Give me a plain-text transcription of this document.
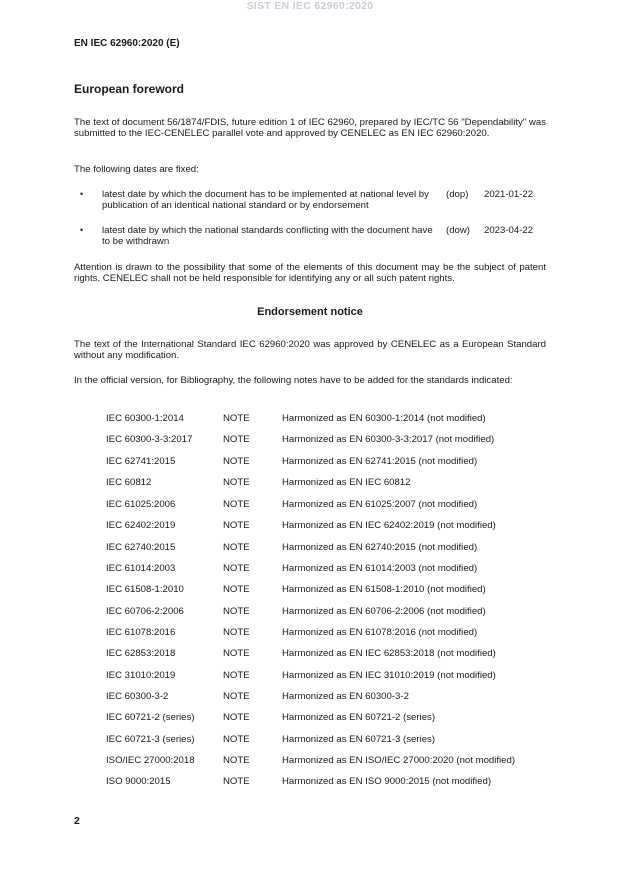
SIST EN IEC 62960:2020
EN IEC 62960:2020 (E)
European foreword
The text of document 56/1874/FDIS, future edition 1 of IEC 62960, prepared by IEC/TC 56 "Dependability" was submitted to the IEC-CENELEC parallel vote and approved by CENELEC as EN IEC 62960:2020.
The following dates are fixed:
• latest date by which the document has to be implemented at national level by publication of an identical national standard or by endorsement
(dop) 2021-01-22
• latest date by which the national standards conflicting with the document have to be withdrawn
(dow) 2023-04-22
Attention is drawn to the possibility that some of the elements of this document may be the subject of patent rights. CENELEC shall not be held responsible for identifying any or all such patent rights.
Endorsement notice
The text of the International Standard IEC 62960:2020 was approved by CENELEC as a European Standard without any modification.
In the official version, for Bibliography, the following notes have to be added for the standards indicated:
IEC 60300-1:2014	NOTE	Harmonized as EN 60300-1:2014 (not modified)
IEC 60300-3-3:2017	NOTE	Harmonized as EN 60300-3-3:2017 (not modified)
IEC 62741:2015	NOTE	Harmonized as EN 62741:2015 (not modified)
IEC 60812	NOTE	Harmonized as EN IEC 60812
IEC 61025:2006	NOTE	Harmonized as EN 61025:2007 (not modified)
IEC 62402:2019	NOTE	Harmonized as EN IEC 62402:2019 (not modified)
IEC 62740:2015	NOTE	Harmonized as EN 62740:2015 (not modified)
IEC 61014:2003	NOTE	Harmonized as EN 61014:2003 (not modified)
IEC 61508-1:2010	NOTE	Harmonized as EN 61508-1:2010 (not modified)
IEC 60706-2:2006	NOTE	Harmonized as EN 60706-2:2006 (not modified)
IEC 61078:2016	NOTE	Harmonized as EN 61078:2016 (not modified)
IEC 62853:2018	NOTE	Harmonized as EN IEC 62853:2018 (not modified)
IEC 31010:2019	NOTE	Harmonized as EN IEC 31010:2019 (not modified)
IEC 60300-3-2	NOTE	Harmonized as EN 60300-3-2
IEC 60721-2 (series)	NOTE	Harmonized as EN 60721-2 (series)
IEC 60721-3 (series)	NOTE	Harmonized as EN 60721-3 (series)
ISO/IEC 27000:2018	NOTE	Harmonized as EN ISO/IEC 27000:2020 (not modified)
ISO 9000:2015	NOTE	Harmonized as EN ISO 9000:2015 (not modified)
2
